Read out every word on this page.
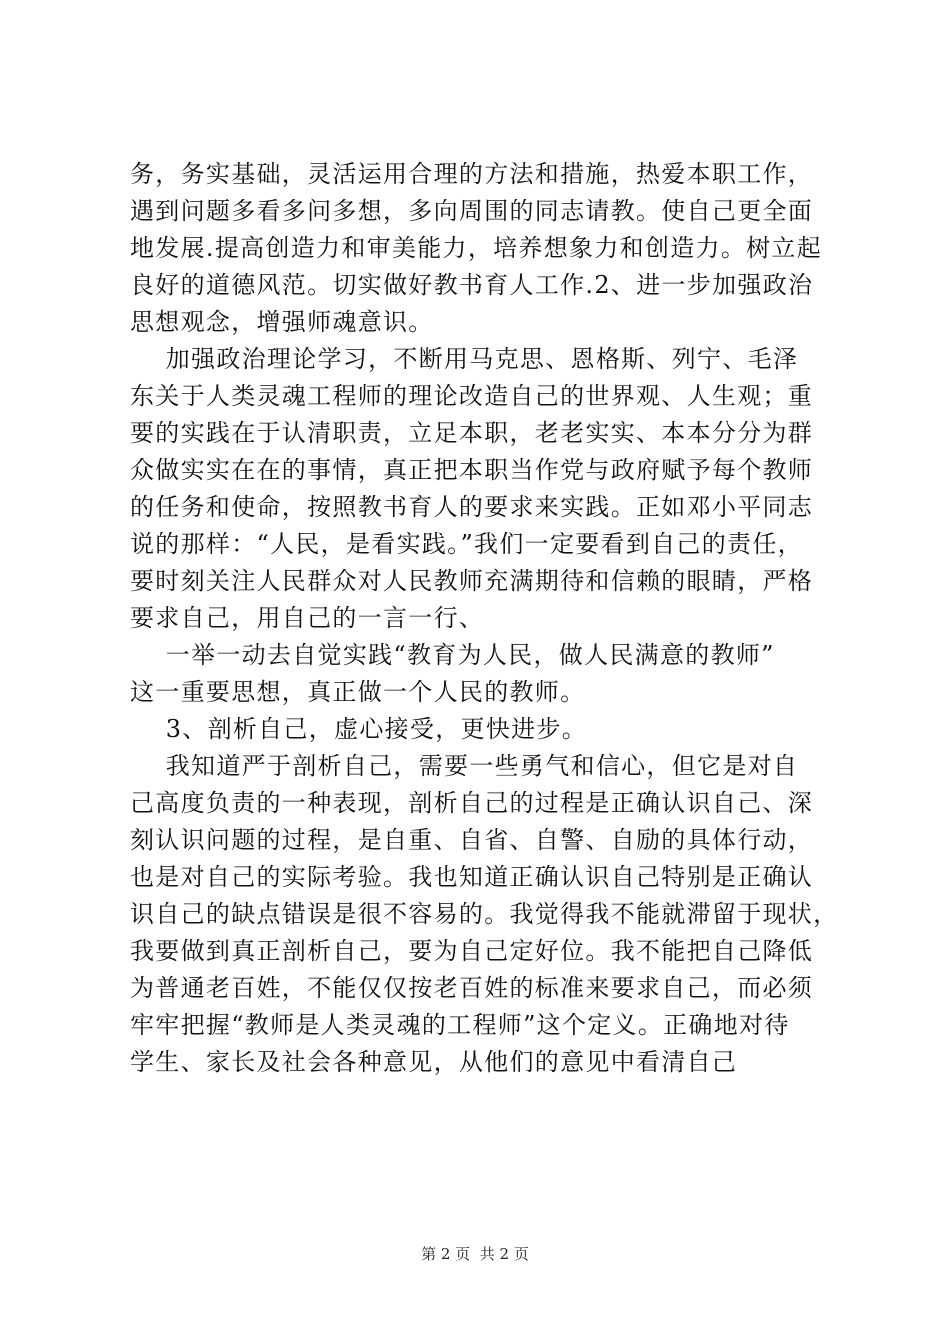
务，务实基础，灵活运用合理的方法和措施，热爱本职工作，
遇到问题多看多问多想，多向周围的同志请教。使自己更全面
地发展.提高创造力和审美能力，培养想象力和创造力。树立起
良好的道德风范。切实做好教书育人工作.2、进一步加强政治
思想观念，增强师魂意识。
加强政治理论学习，不断用马克思、恩格斯、列宁、毛泽
东关于人类灵魂工程师的理论改造自己的世界观、人生观；重
要的实践在于认清职责，立足本职，老老实实、本本分分为群
众做实实在在的事情，真正把本职当作党与政府赋予每个教师
的任务和使命，按照教书育人的要求来实践。正如邓小平同志
说的那样：“人民，是看实践。”我们一定要看到自己的责任，
要时刻关注人民群众对人民教师充满期待和信赖的眼睛，严格
要求自己，用自己的一言一行、
一举一动去自觉实践“教育为人民，做人民满意的教师”
这一重要思想，真正做一个人民的教师。
3、剖析自己，虚心接受，更快进步。
我知道严于剖析自己，需要一些勇气和信心，但它是对自
己高度负责的一种表现，剖析自己的过程是正确认识自己、深
刻认识问题的过程，是自重、自省、自警、自励的具体行动，
也是对自己的实际考验。我也知道正确认识自己特别是正确认
识自己的缺点错误是很不容易的。我觉得我不能就滞留于现状，
我要做到真正剖析自己，要为自己定好位。我不能把自己降低
为普通老百姓，不能仅仅按老百姓的标准来要求自己，而必须
牢牢把握“教师是人类灵魂的工程师”这个定义。正确地对待
学生、家长及社会各种意见，从他们的意见中看清自己
第 2 页  共 2 页
